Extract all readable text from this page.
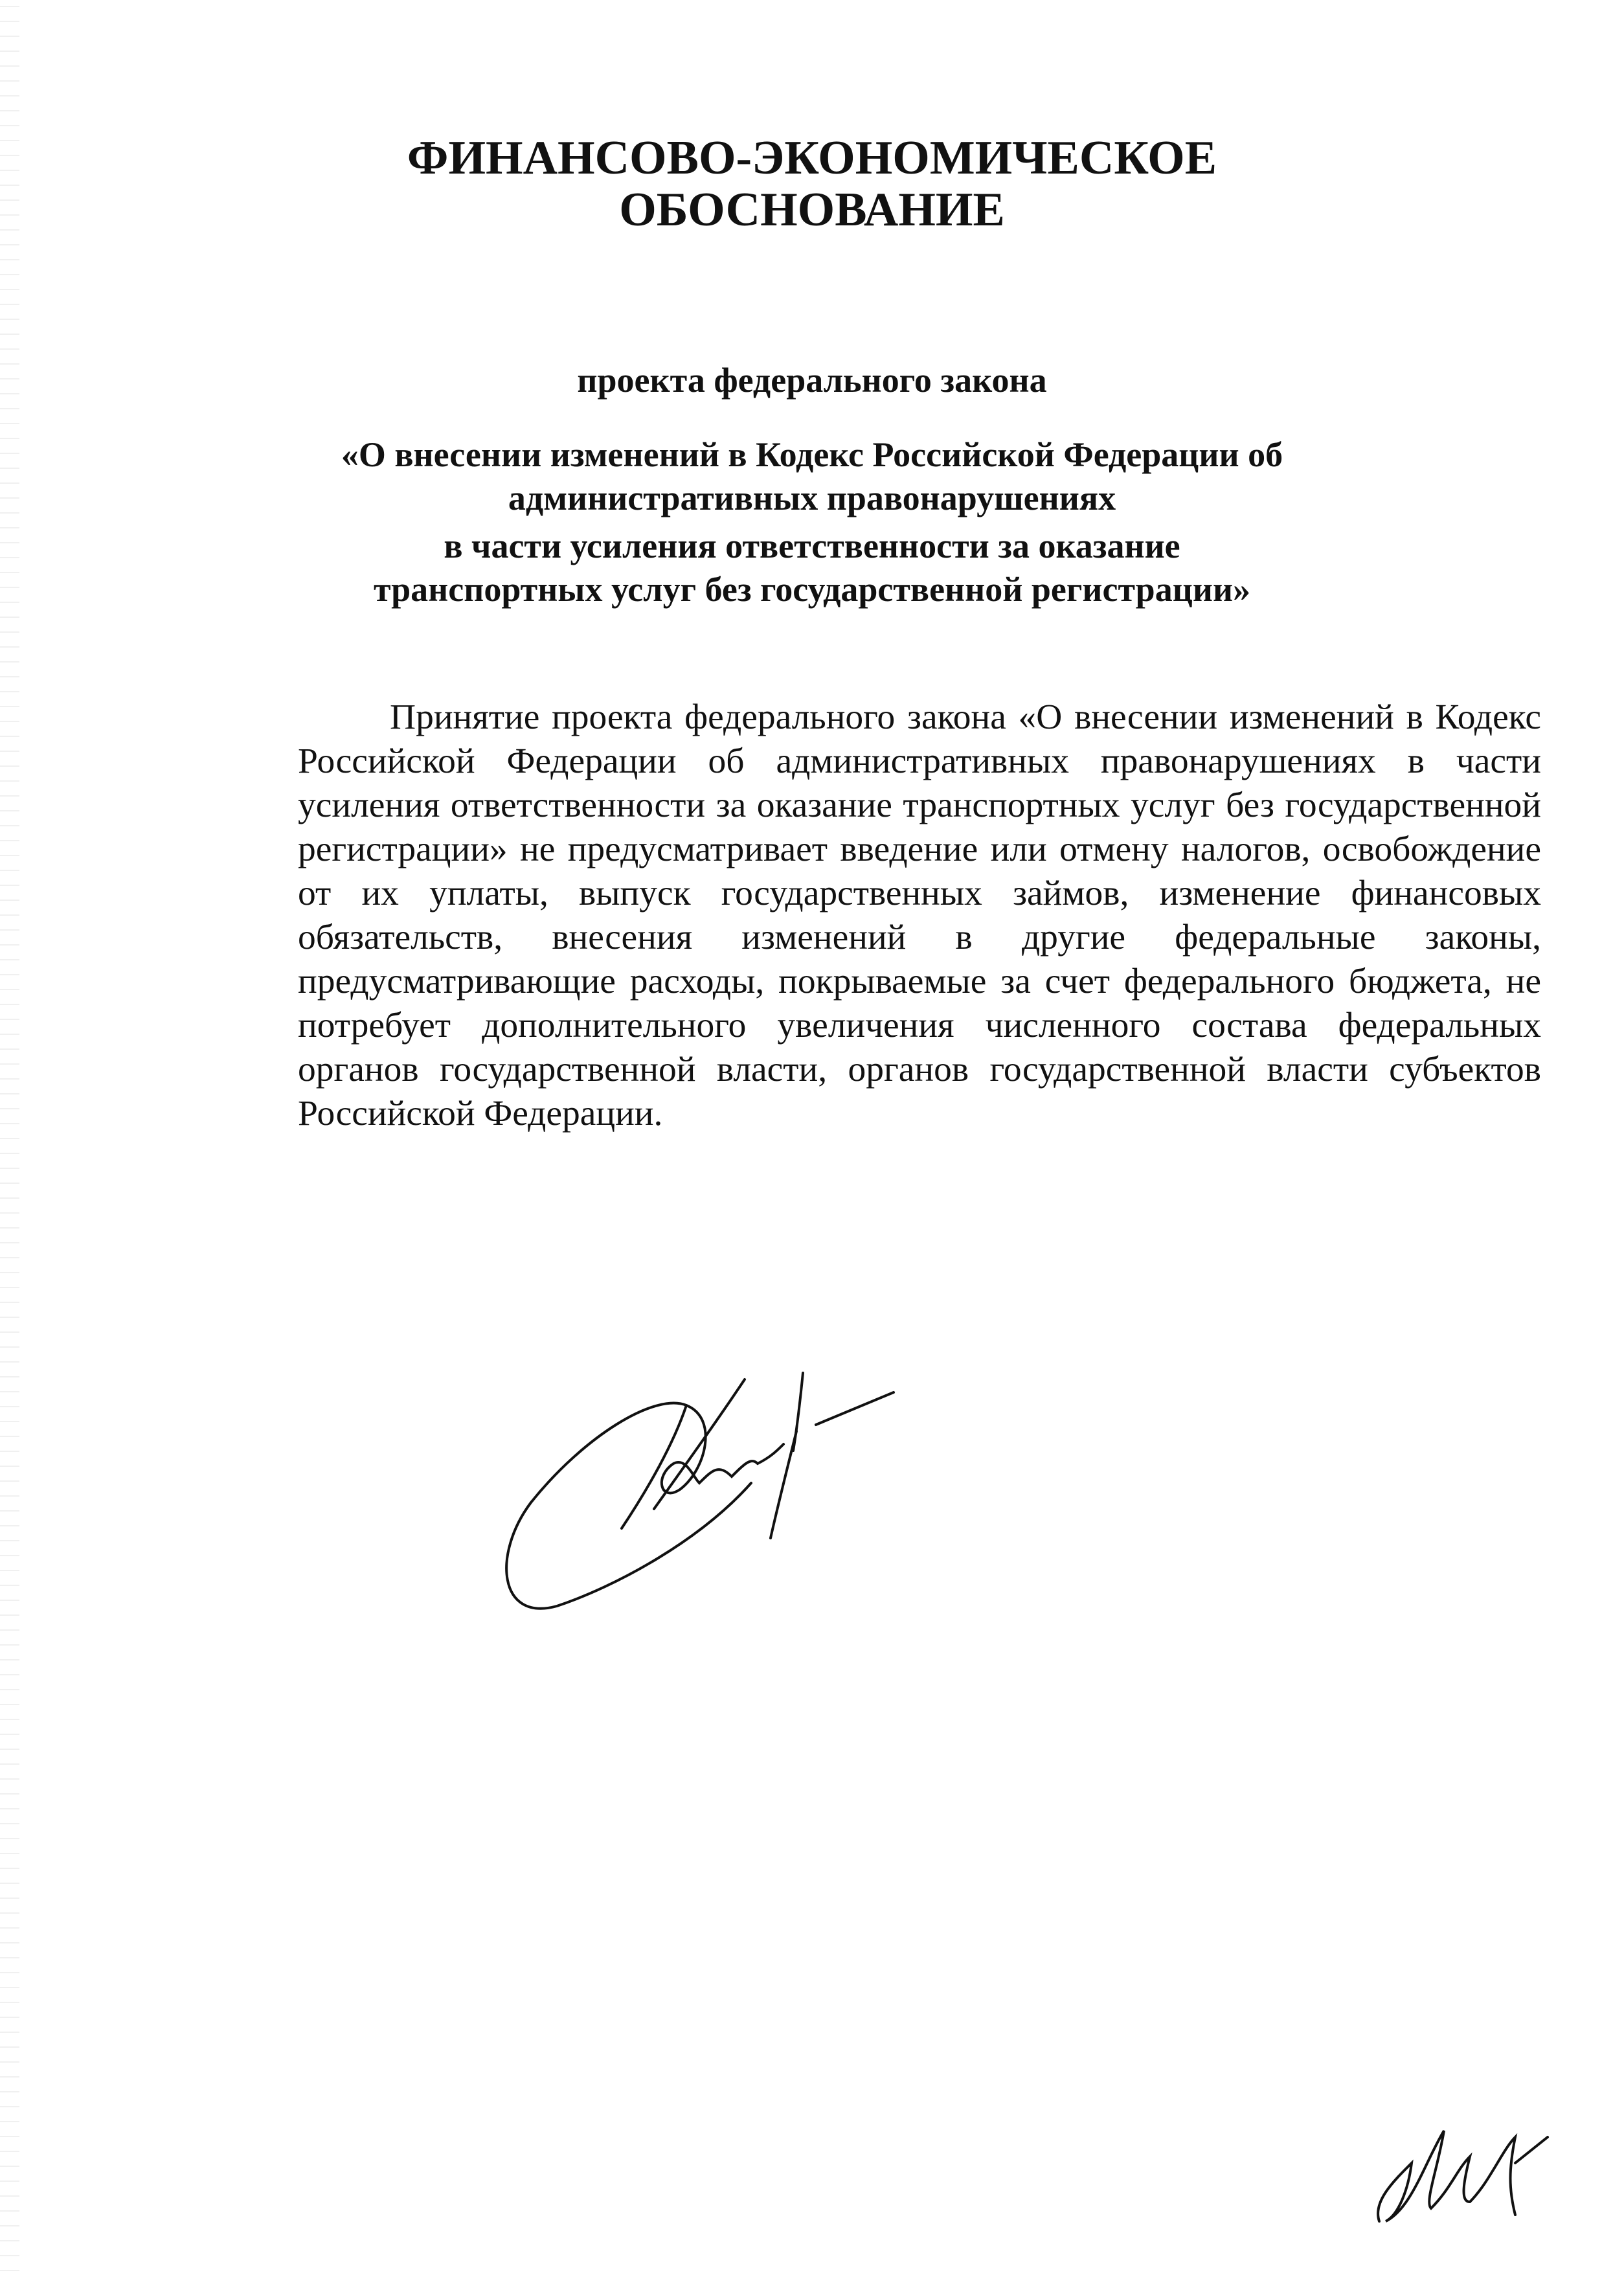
ФИНАНСОВО-ЭКОНОМИЧЕСКОЕ
ОБОСНОВАНИЕ
проекта федерального закона
«О внесении изменений в Кодекс Российской Федерации об
административных правонарушениях
в части усиления ответственности за оказание
транспортных услуг без государственной регистрации»
Принятие проекта федерального закона «О внесении изменений в Кодекс Российской Федерации об административных правонарушениях в части усиления ответственности за оказание транспортных услуг без государственной регистрации» не предусматривает введение или отмену налогов, освобождение от их уплаты, выпуск государственных займов, изменение финансовых обязательств, внесения изменений в другие федеральные законы, предусматривающие расходы, покрываемые за счет федерального бюджета, не потребует дополнительного увеличения численного состава федеральных органов государственной власти, органов государственной власти субъектов Российской Федерации.
